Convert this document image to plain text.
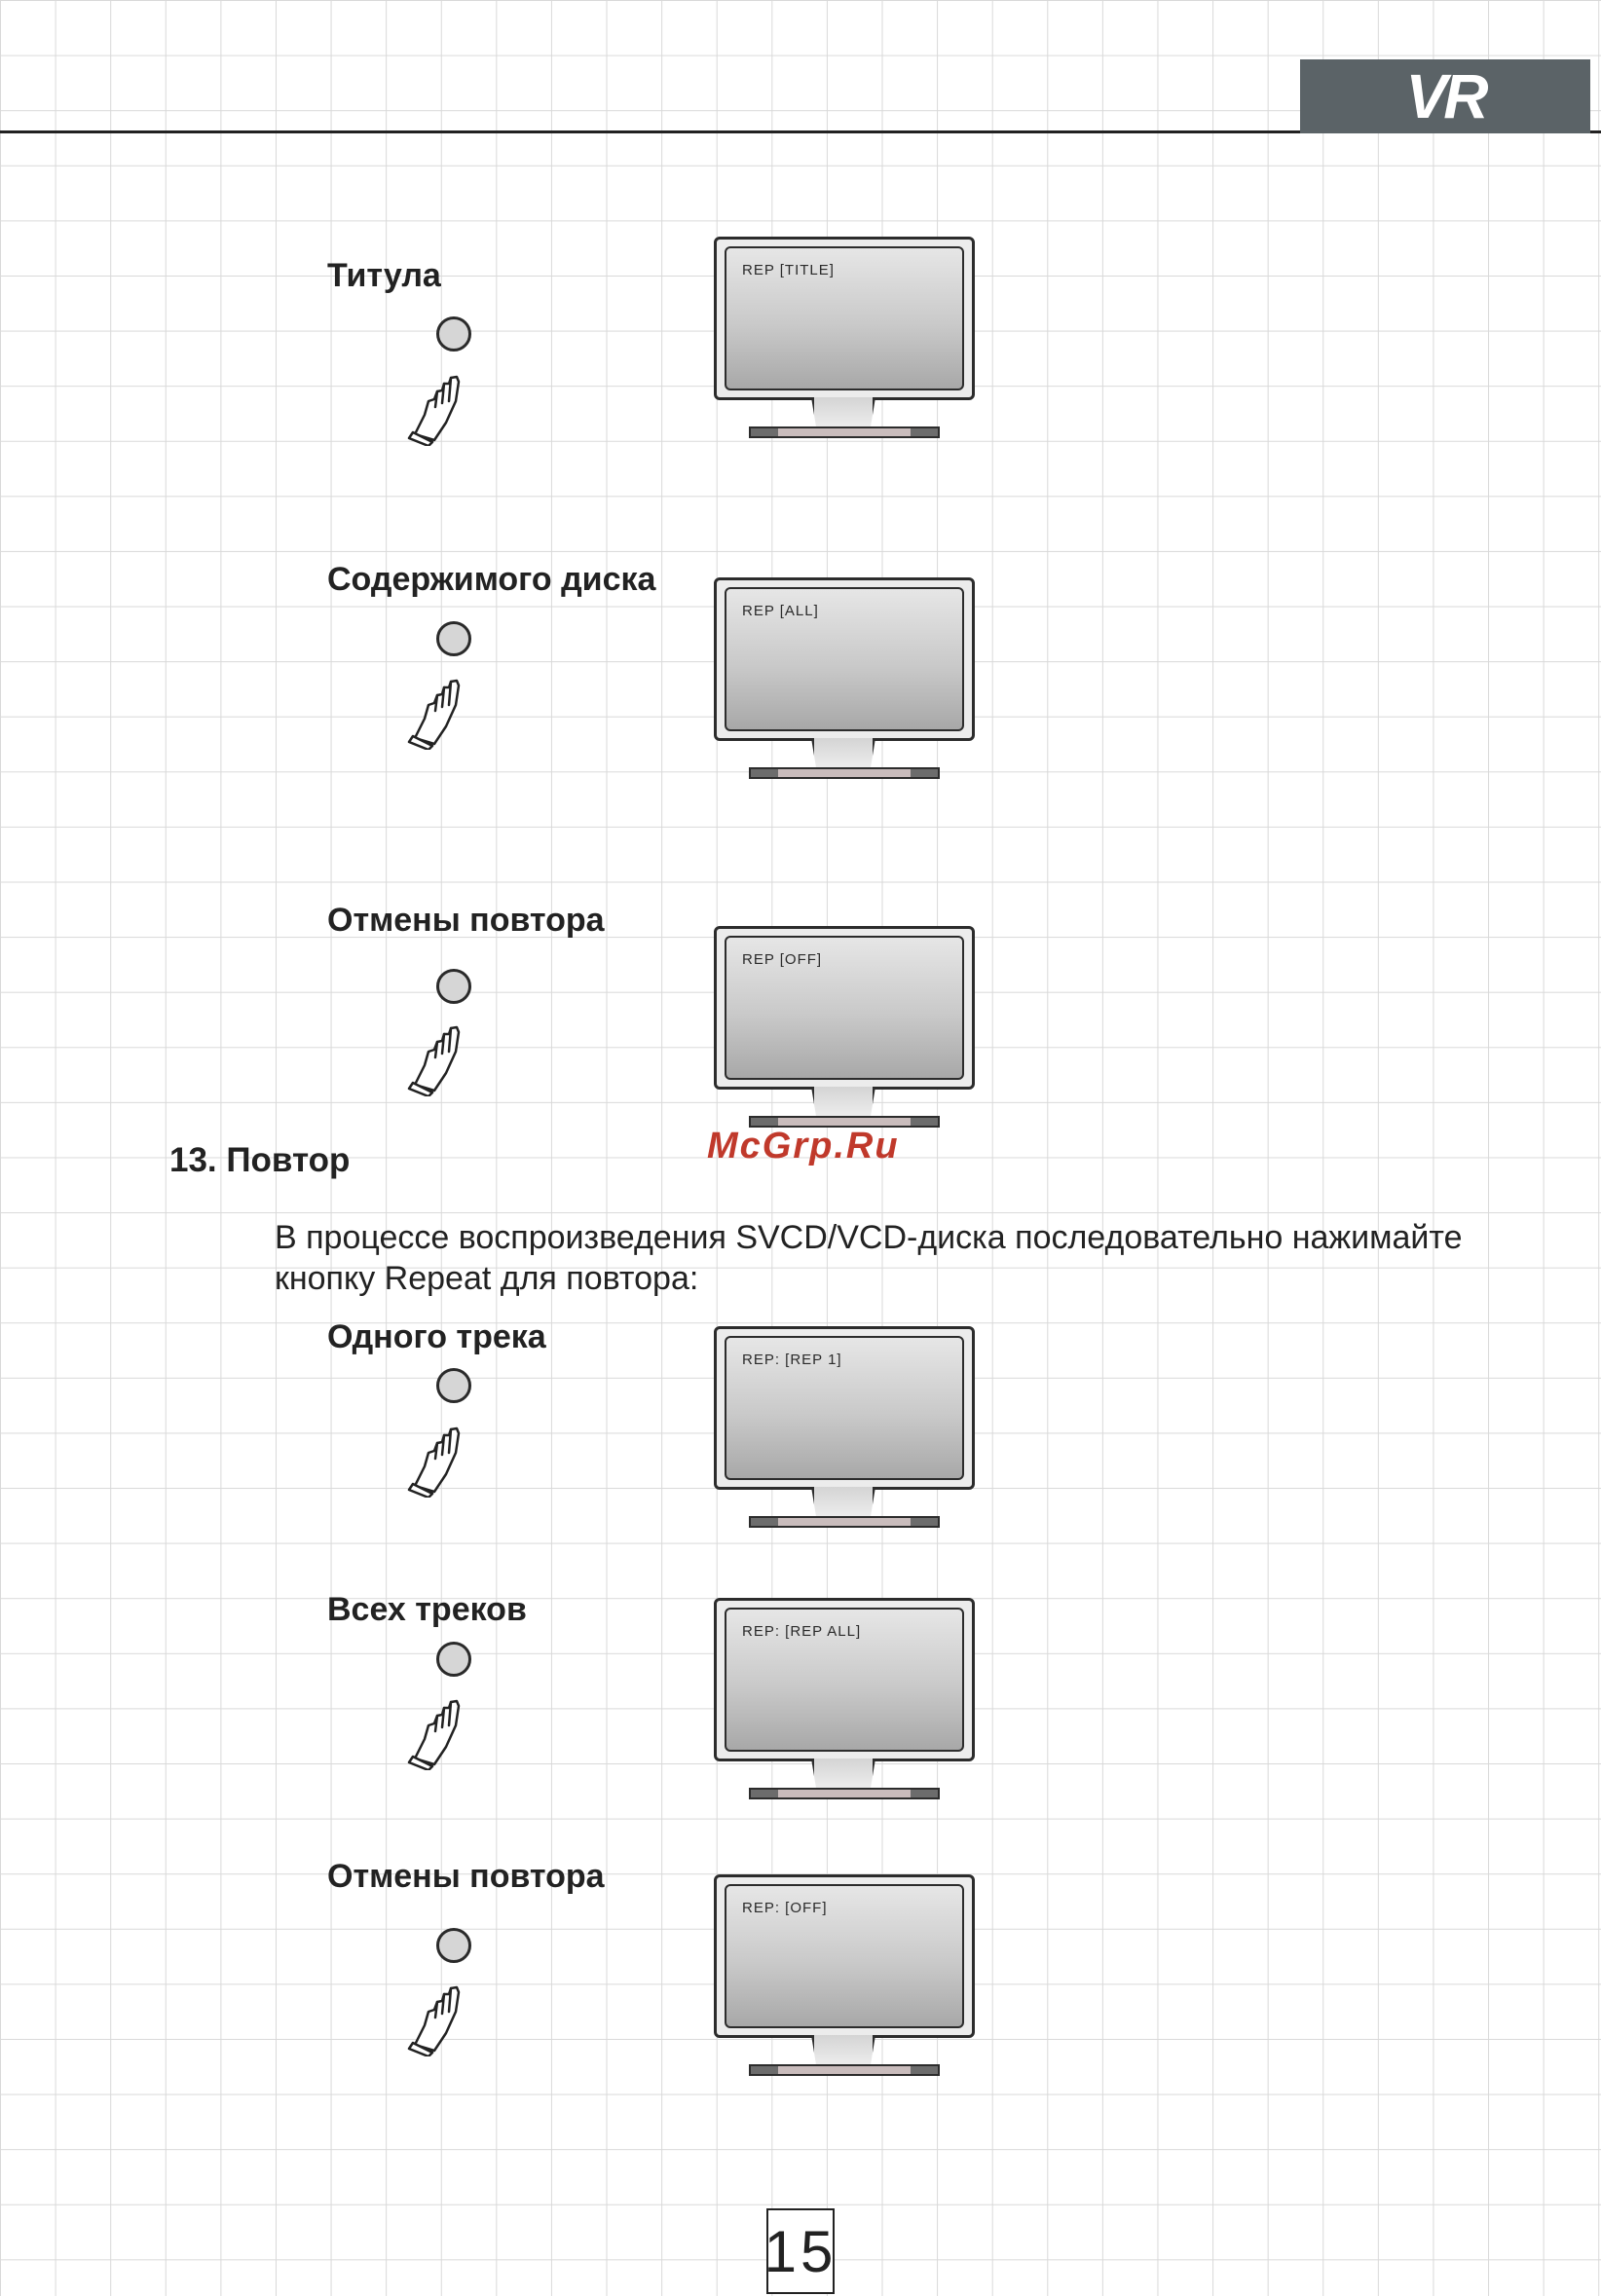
VR
Титула	REP [TITLE]
Содержимого диска
REP [ALL]
Отмены повтора
REP [OFF]
McGrp.Ru
13. Повтор
В процессе воспроизведения SVCD/VCD-диска последовательно нажимайте кнопку Repeat для повтора:
Одного трека
REP: [REP 1]
Всех треков
REP: [REP ALL]
Отмены повтора
REP: [OFF]
15
